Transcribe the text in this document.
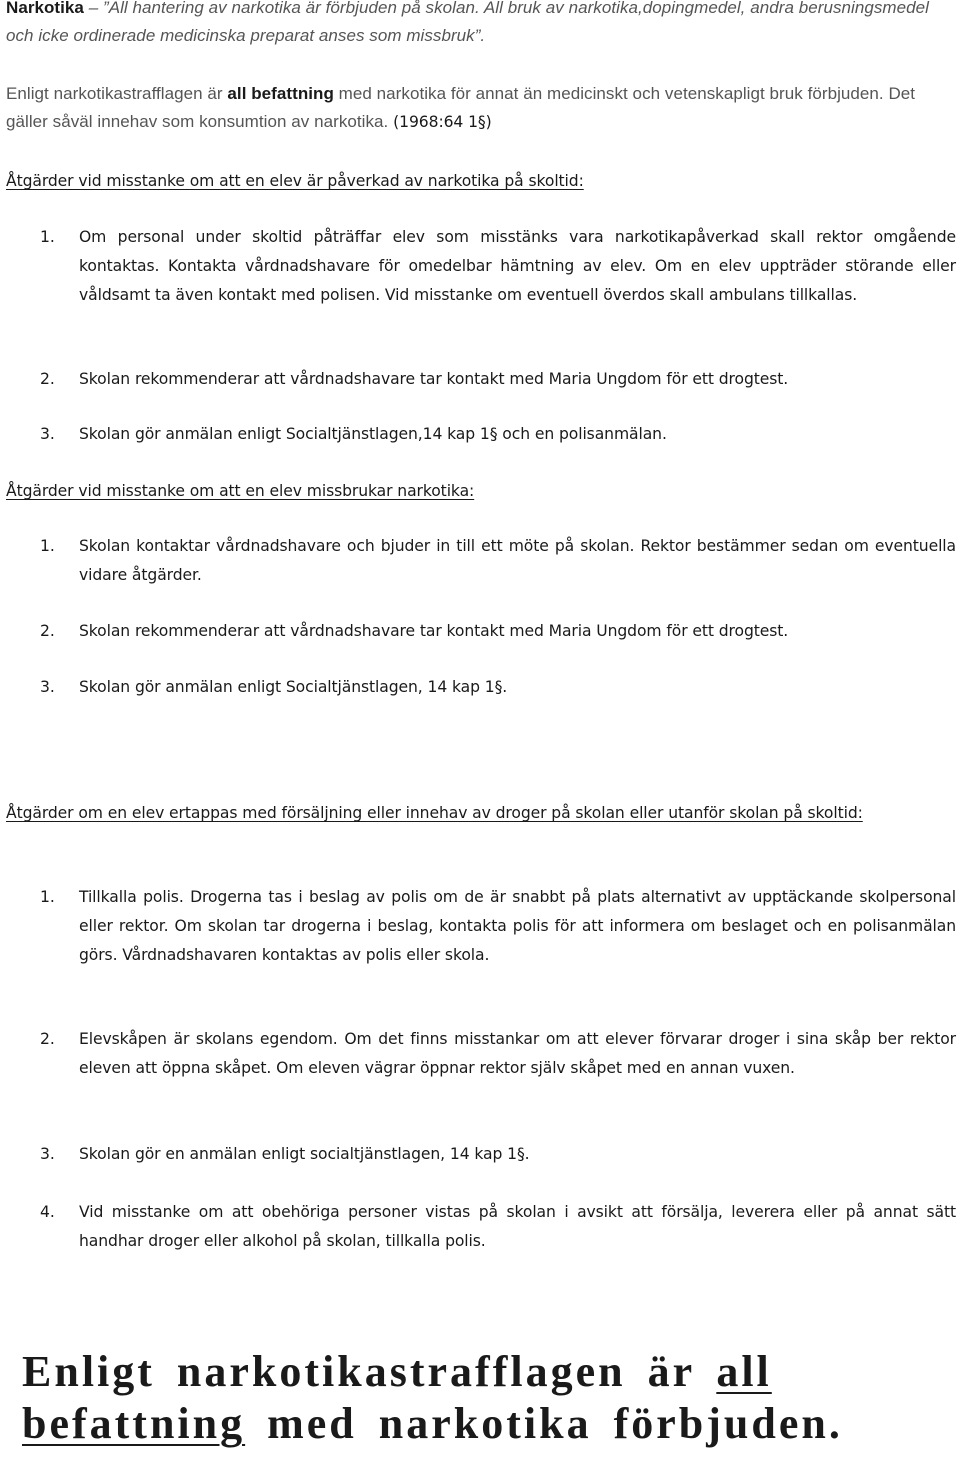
Narkotika – ”All hantering av narkotika är förbjuden på skolan. All bruk av narkotika,dopingmedel, andra berusningsmedel och icke ordinerade medicinska preparat anses som missbruk”.
Enligt narkotikastrafflagen är all befattning med narkotika för annat än medicinskt och vetenskapligt bruk förbjuden. Det gäller såväl innehav som konsumtion av narkotika. (1968:64 1§)
Åtgärder vid misstanke om att en elev är påverkad av narkotika på skoltid:
1.	Om personal under skoltid påträffar elev som misstänks vara narkotikapåverkad skall rektor omgående kontaktas. Kontakta vårdnadshavare för omedelbar hämtning av elev. Om en elev uppträder störande eller våldsamt ta även kontakt med polisen. Vid misstanke om eventuell överdos skall ambulans tillkallas.
2.	Skolan rekommenderar att vårdnadshavare tar kontakt med Maria Ungdom för ett drogtest.
3.	Skolan gör anmälan enligt Socialtjänstlagen,14 kap 1§ och en polisanmälan.
Åtgärder vid misstanke om att en elev missbrukar narkotika:
1.	Skolan kontaktar vårdnadshavare och bjuder in till ett möte på skolan. Rektor bestämmer sedan om eventuella vidare åtgärder.
2.	Skolan rekommenderar att vårdnadshavare tar kontakt med Maria Ungdom för ett drogtest.
3.	Skolan gör anmälan enligt Socialtjänstlagen, 14 kap 1§.
Åtgärder om en elev ertappas med försäljning eller innehav av droger på skolan eller utanför skolan på skoltid:
1.	Tillkalla polis. Drogerna tas i beslag av polis om de är snabbt på plats alternativt av upptäckande skolpersonal eller rektor. Om skolan tar drogerna i beslag, kontakta polis för att informera om beslaget och en polisanmälan görs. Vårdnadshavaren kontaktas av polis eller skola.
2.	Elevskåpen är skolans egendom. Om det finns misstankar om att elever förvarar droger i sina skåp ber rektor eleven att öppna skåpet. Om eleven vägrar öppnar rektor själv skåpet med en annan vuxen.
3.	Skolan gör en anmälan enligt socialtjänstlagen, 14 kap 1§.
4.	Vid misstanke om att obehöriga personer vistas på skolan i avsikt att försälja, leverera eller på annat sätt handhar droger eller alkohol på skolan, tillkalla polis.
Enligt narkotikastrafflagen är all
befattning med narkotika förbjuden.
